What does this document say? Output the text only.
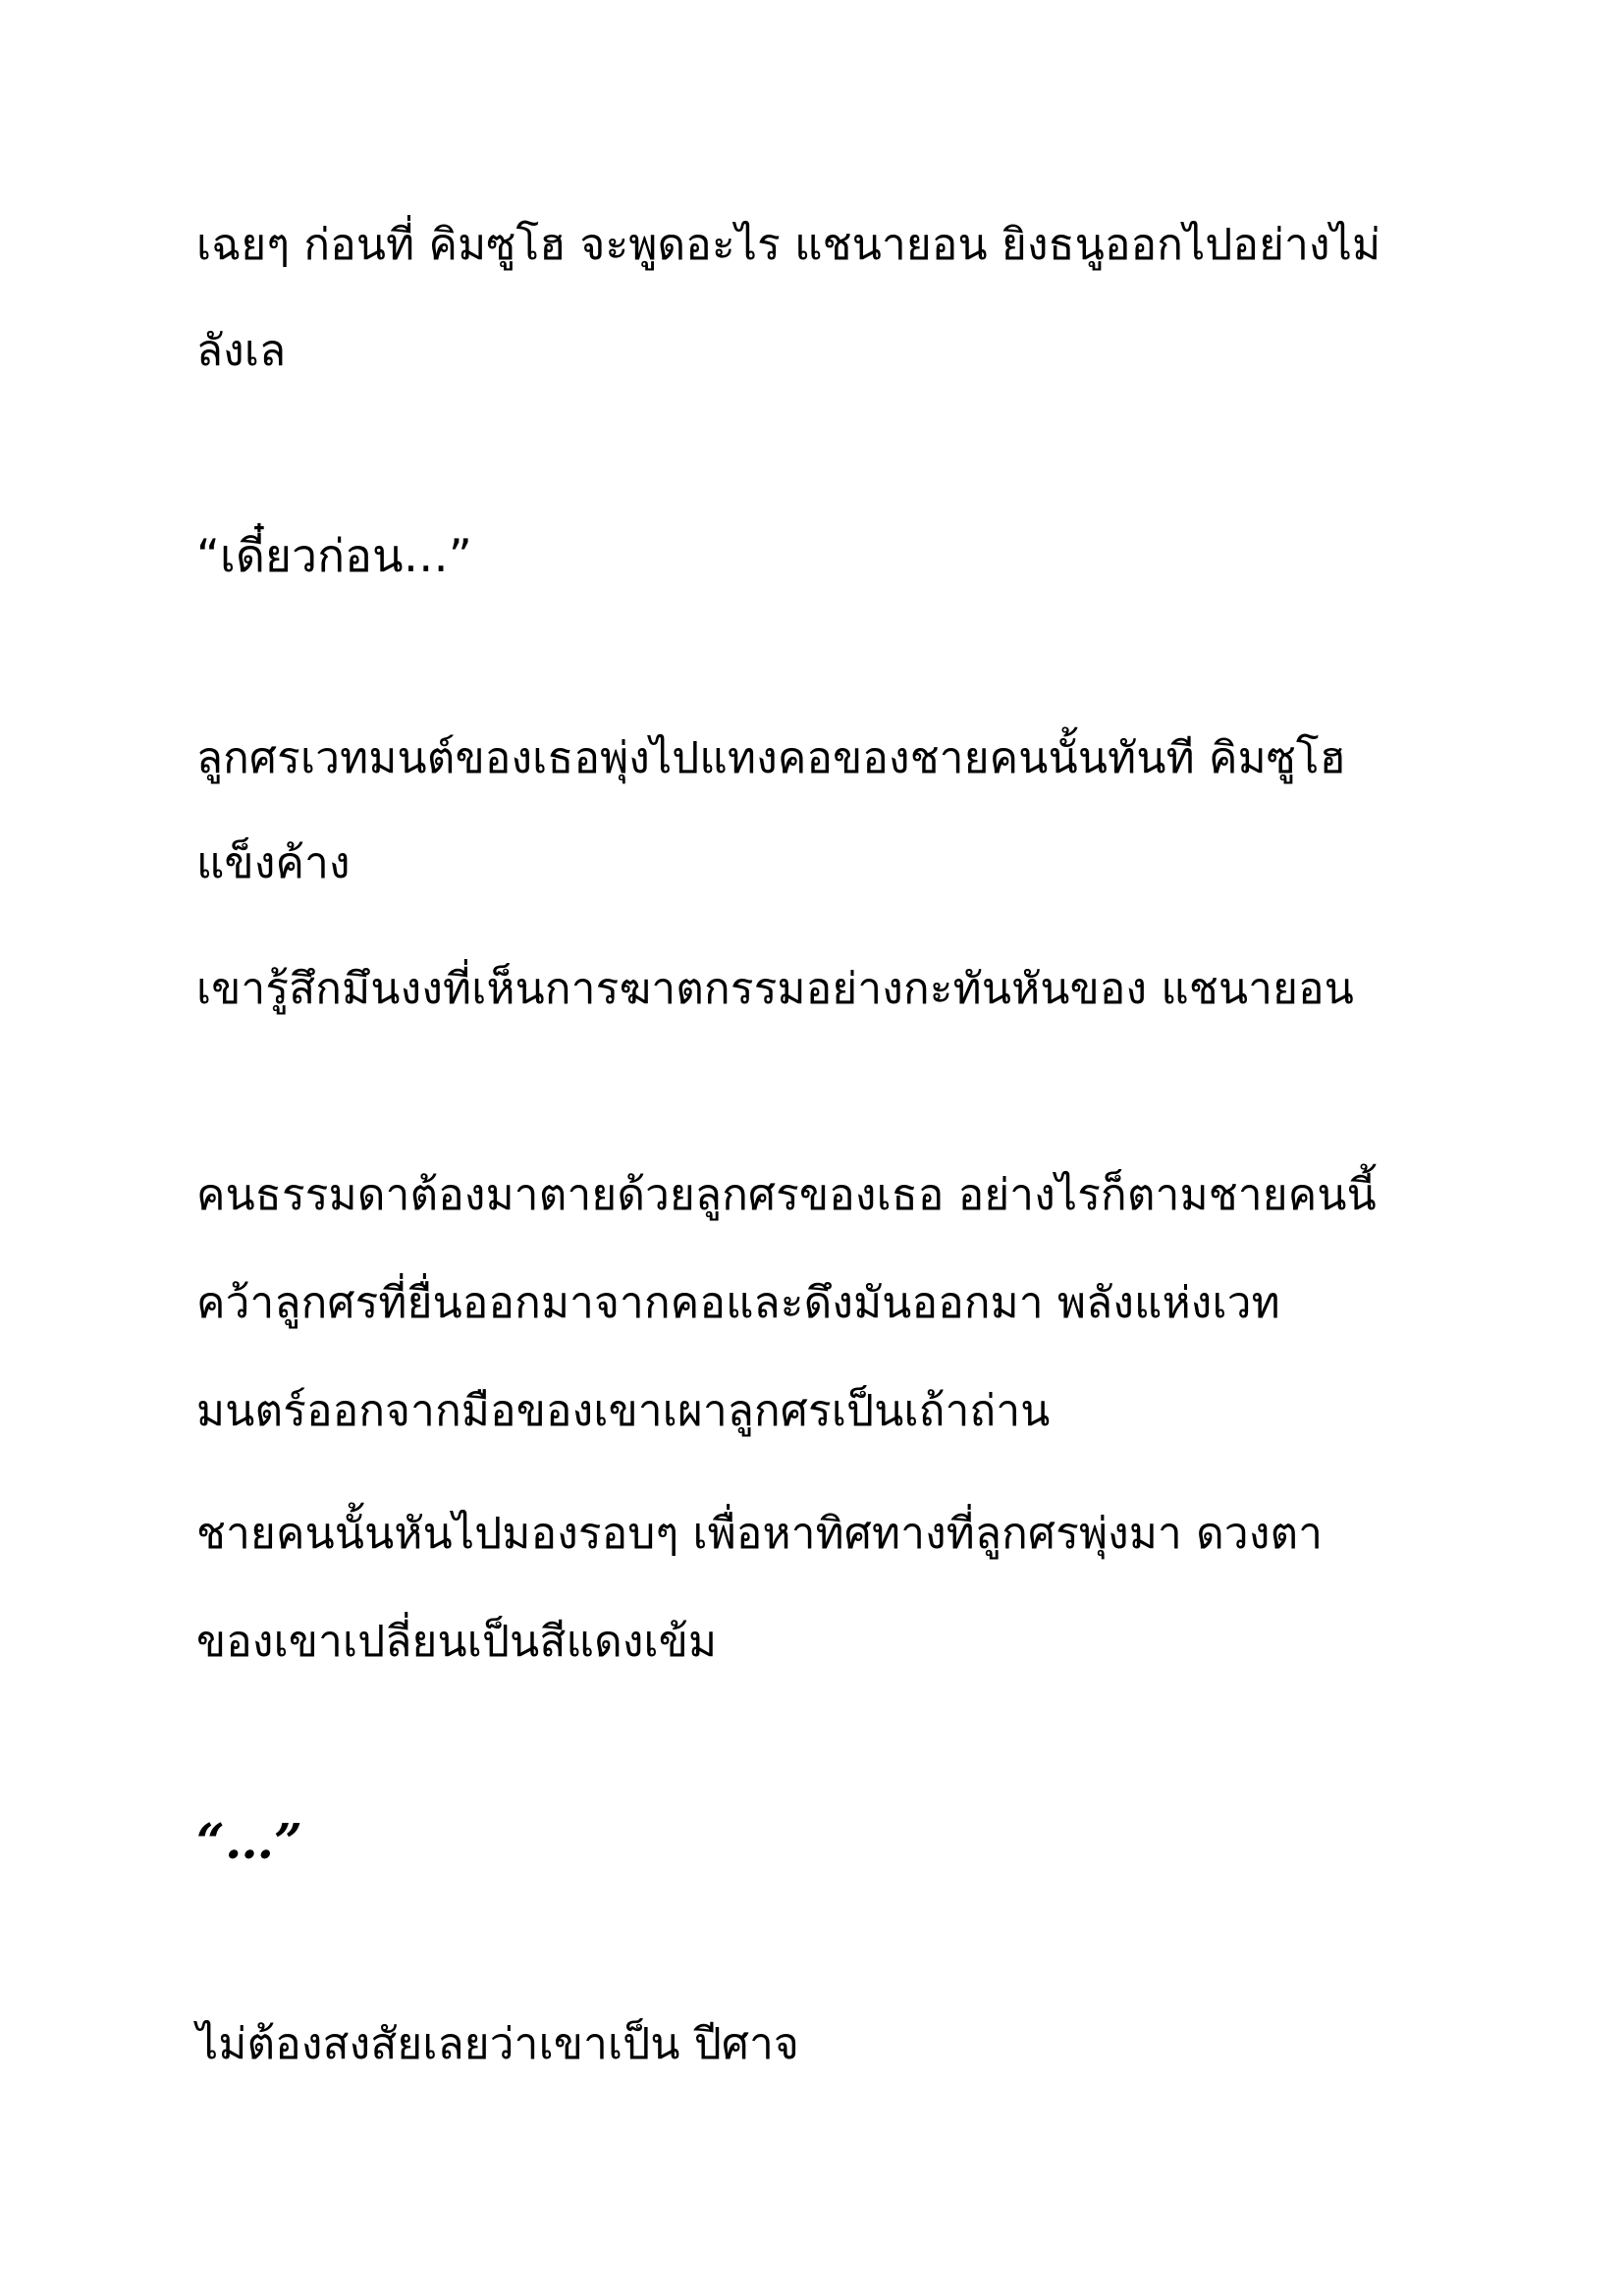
เฉยๆ ก่อนที่ คิมซูโฮ จะพูดอะไร แชนายอน ยิงธนูออกไปอย่างไม่

ลังเล

“เดี๋ยวก่อน…”

ลูกศรเวทมนต์ของเธอพุ่งไปแทงคอของชายคนนั้นทันที คิมซูโฮ

แข็งค้าง

เขารู้สึกมึนงงที่เห็นการฆาตกรรมอย่างกะทันหันของ แชนายอน

คนธรรมดาต้องมาตายด้วยลูกศรของเธอ อย่างไรก็ตามชายคนนี้

คว้าลูกศรที่ยื่นออกมาจากคอและดึงมันออกมา พลังแห่งเวท

มนตร์ออกจากมือของเขาเผาลูกศรเป็นเถ้าถ่าน

ชายคนนั้นหันไปมองรอบๆ เพื่อหาทิศทางที่ลูกศรพุ่งมา ดวงตา

ของเขาเปลี่ยนเป็นสีแดงเข้ม

“…”

ไม่ต้องสงสัยเลยว่าเขาเป็น ปีศาจ
